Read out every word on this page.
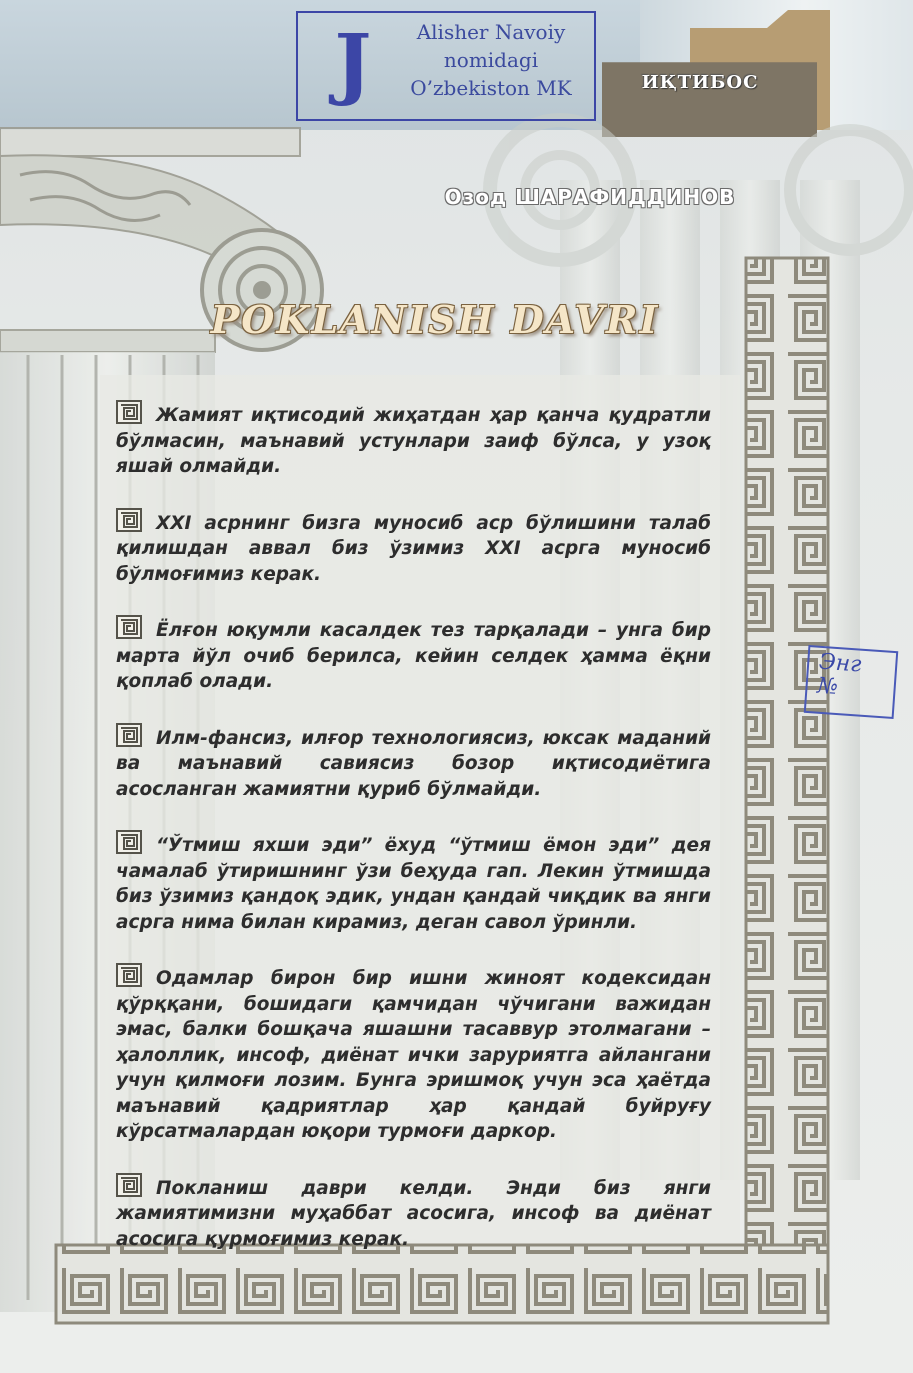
ИҚТИБОС
J	Alisher Navoiy
nomidagi
O’zbekiston MK
Озод ШАРАФИДДИНОВ
POKLANISH DAVRI

Жамият иқтисодий жиҳатдан ҳар қанча қудратли бўлмасин, маънавий устунлари заиф бўлса, у узоқ яшай олмайди.

XXI асрнинг бизга муносиб аср бўлишини талаб қилишдан аввал биз ўзимиз XXI асрга муносиб бўлмоғимиз керак.

Ёлғон юқумли касалдек тез тарқалади – унга бир марта йўл очиб берилса, кейин селдек ҳамма ёқни қоплаб олади.

Илм-фансиз, илғор технологиясиз, юксак маданий ва маънавий савиясиз бозор иқтисодиётига асосланган жамиятни қуриб бўлмайди.

“Ўтмиш яхши эди” ёхуд “ўтмиш ёмон эди” дея чамалаб ўтиришнинг ўзи беҳуда гап. Лекин ўтмишда биз ўзимиз қандоқ эдик, ундан қандай чиқдик ва янги асрга нима билан кирамиз, деган савол ўринли.

Одамлар бирон бир ишни жиноят кодексидан қўрққани, бошидаги қамчидан чўчигани важидан эмас, балки бошқача яшашни тасаввур этолмагани – ҳалоллик, инсоф, диёнат ички заруриятга айлангани учун қилмоғи лозим. Бунга эришмоқ учун эса ҳаётда маънавий қадриятлар ҳар қандай буйруғу кўрсатмалардан юқори турмоғи даркор.

Покланиш даври келди. Энди биз янги жамиятимизни муҳаббат асосига, инсоф ва диёнат асосига қурмоғимиз керак.

Энг
№
